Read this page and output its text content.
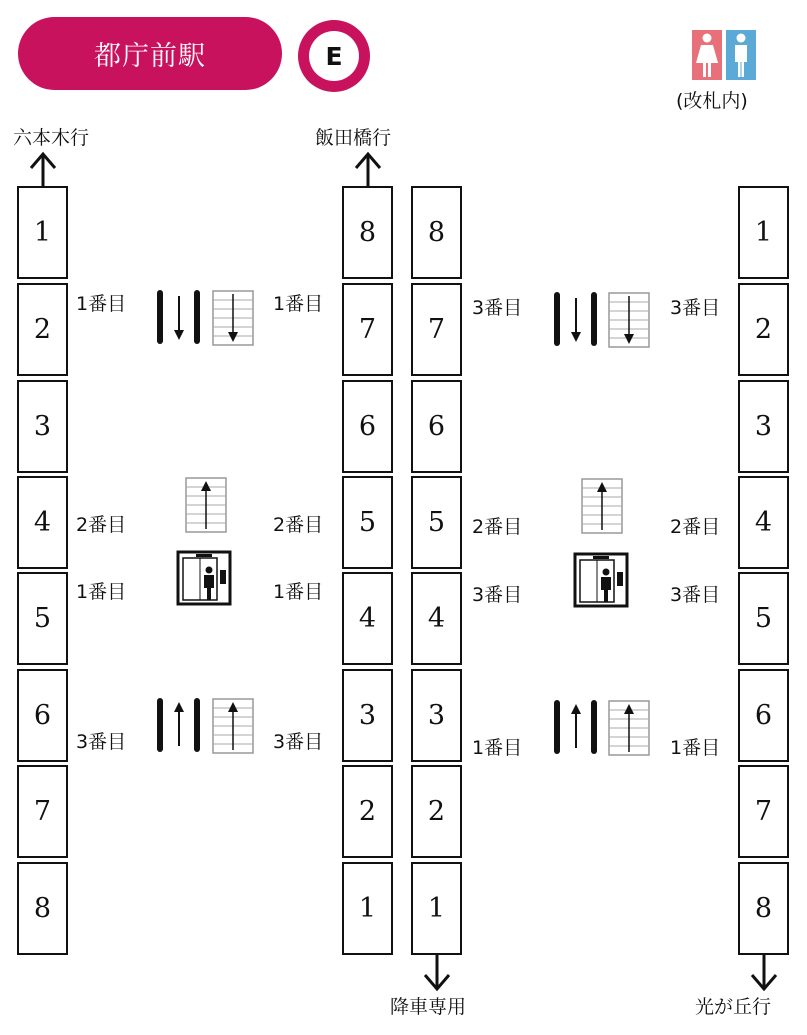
都庁前駅	E
(改札内)
六本木行	飯田橋行
降車専用	光が丘行
1
2
3
4
5
6
7
8
8
7
6
5
4
3
2
1
8
7
6
5
4
3
2
1
1
2
3
4
5
6
7
8
1番目	1番目
2番目	2番目
1番目	1番目
3番目	3番目
3番目	3番目
2番目	2番目
3番目	3番目
1番目	1番目
